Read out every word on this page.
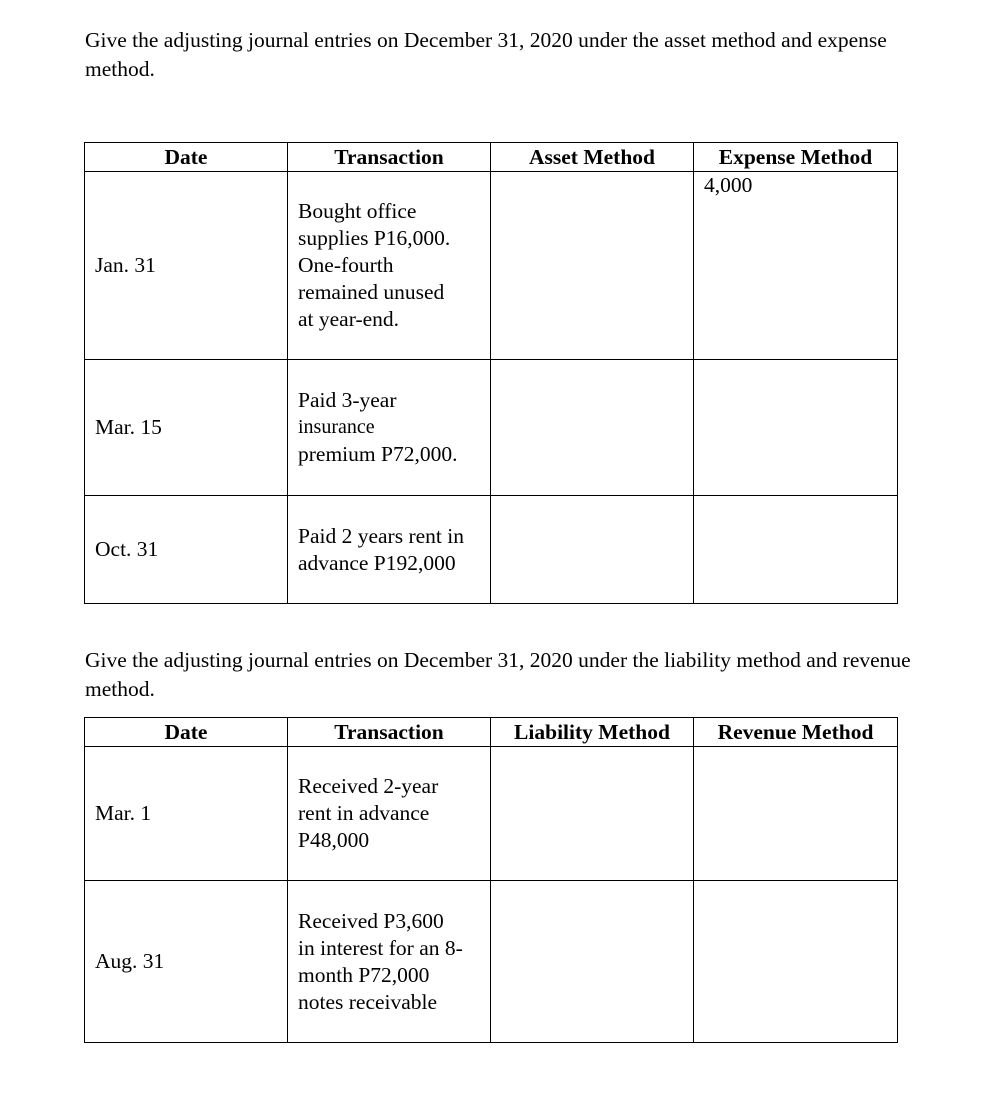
Give the adjusting journal entries on December 31, 2020 under the asset method and expense method.

Date	Transaction	Asset Method	Expense Method
Jan. 31	Bought office
supplies P16,000.
One-fourth
remained unused
at year-end.		4,000
Mar. 15	Paid 3-year
insurance
premium P72,000.		

Oct. 31	Paid 2 years rent in
advance P192,000		

Give the adjusting journal entries on December 31, 2020 under the liability method and revenue method.

Date	Transaction	Liability Method	Revenue Method
Mar. 1	Received 2-year
rent in advance
P48,000		

Aug. 31	Received P3,600
in interest for an 8-
month P72,000
notes receivable		
